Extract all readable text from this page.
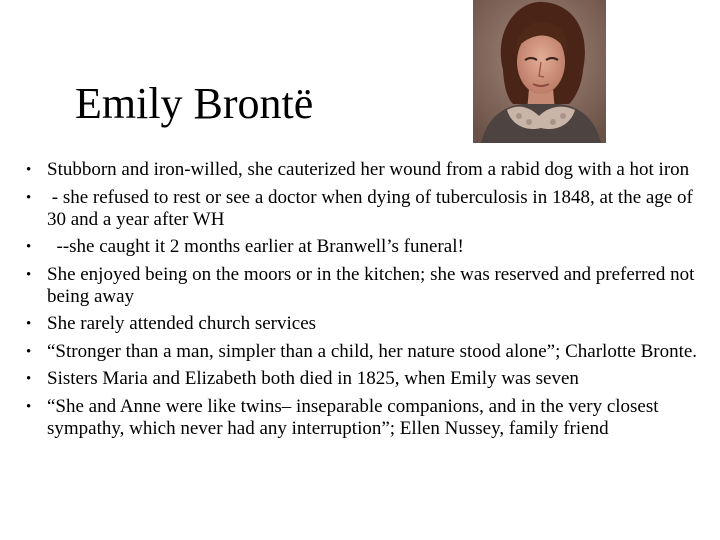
Emily Brontë
• Stubborn and iron-willed, she cauterized her wound from a rabid dog with a hot iron
• - she refused to rest or see a doctor when dying of tuberculosis in 1848, at the age of 30 and a year after WH
• --she caught it 2 months earlier at Branwell’s funeral!
• She enjoyed being on the moors or in the kitchen; she was reserved and preferred not being away
• She rarely attended church services
• “Stronger than a man, simpler than a child, her nature stood alone”; Charlotte Bronte.
• Sisters Maria and Elizabeth both died in 1825, when Emily was seven
• “She and Anne were like twins– inseparable companions, and in the very closest sympathy, which never had any interruption”; Ellen Nussey, family friend
